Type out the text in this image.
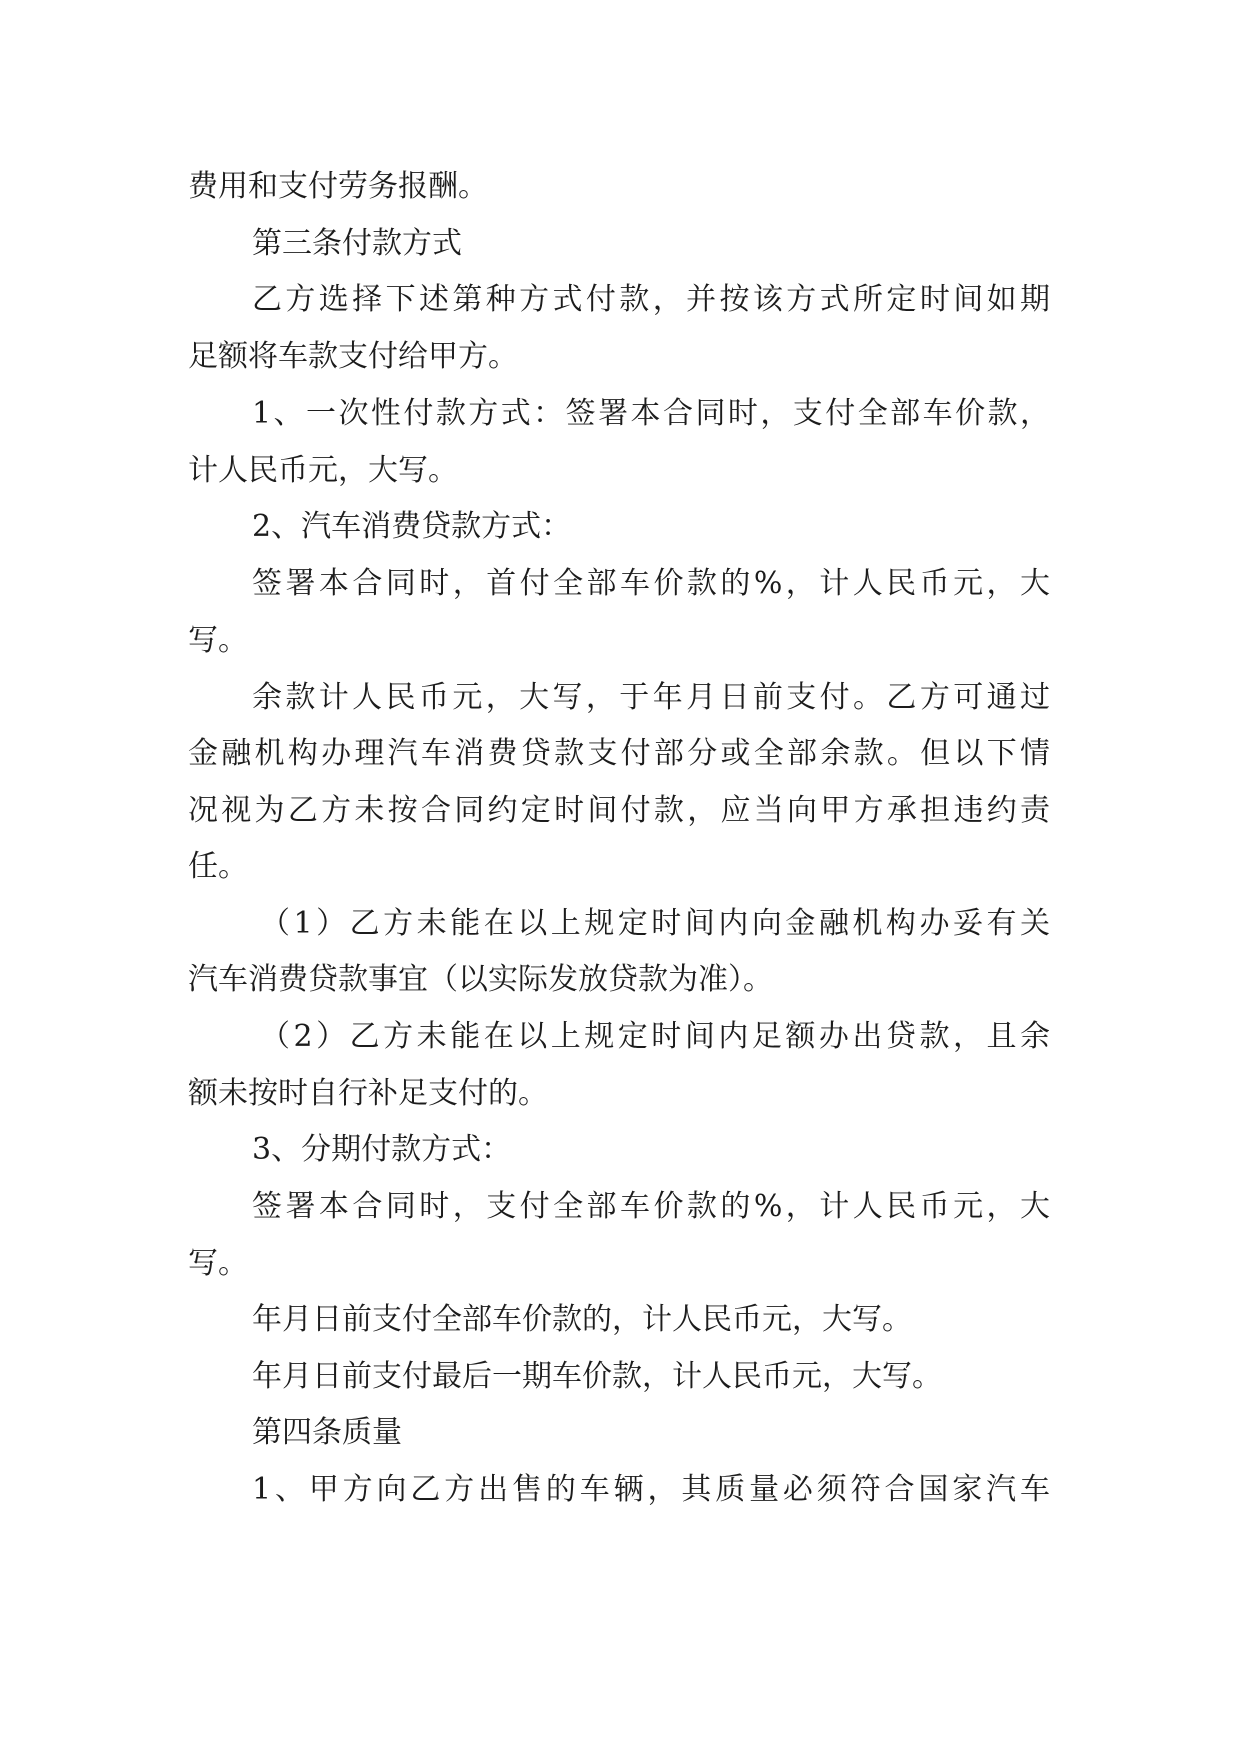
费用和支付劳务报酬。
第三条付款方式
乙方选择下述第种方式付款，并按该方式所定时间如期
足额将车款支付给甲方。
1、一次性付款方式：签署本合同时，支付全部车价款，
计人民币元，大写。
2、汽车消费贷款方式：
签署本合同时，首付全部车价款的%，计人民币元，大
写。
余款计人民币元，大写，于年月日前支付。乙方可通过
金融机构办理汽车消费贷款支付部分或全部余款。但以下情
况视为乙方未按合同约定时间付款，应当向甲方承担违约责
任。
（1）乙方未能在以上规定时间内向金融机构办妥有关
汽车消费贷款事宜（以实际发放贷款为准）。
（2）乙方未能在以上规定时间内足额办出贷款，且余
额未按时自行补足支付的。
3、分期付款方式：
签署本合同时，支付全部车价款的%，计人民币元，大
写。
年月日前支付全部车价款的，计人民币元，大写。
年月日前支付最后一期车价款，计人民币元，大写。
第四条质量
1、甲方向乙方出售的车辆，其质量必须符合国家汽车
